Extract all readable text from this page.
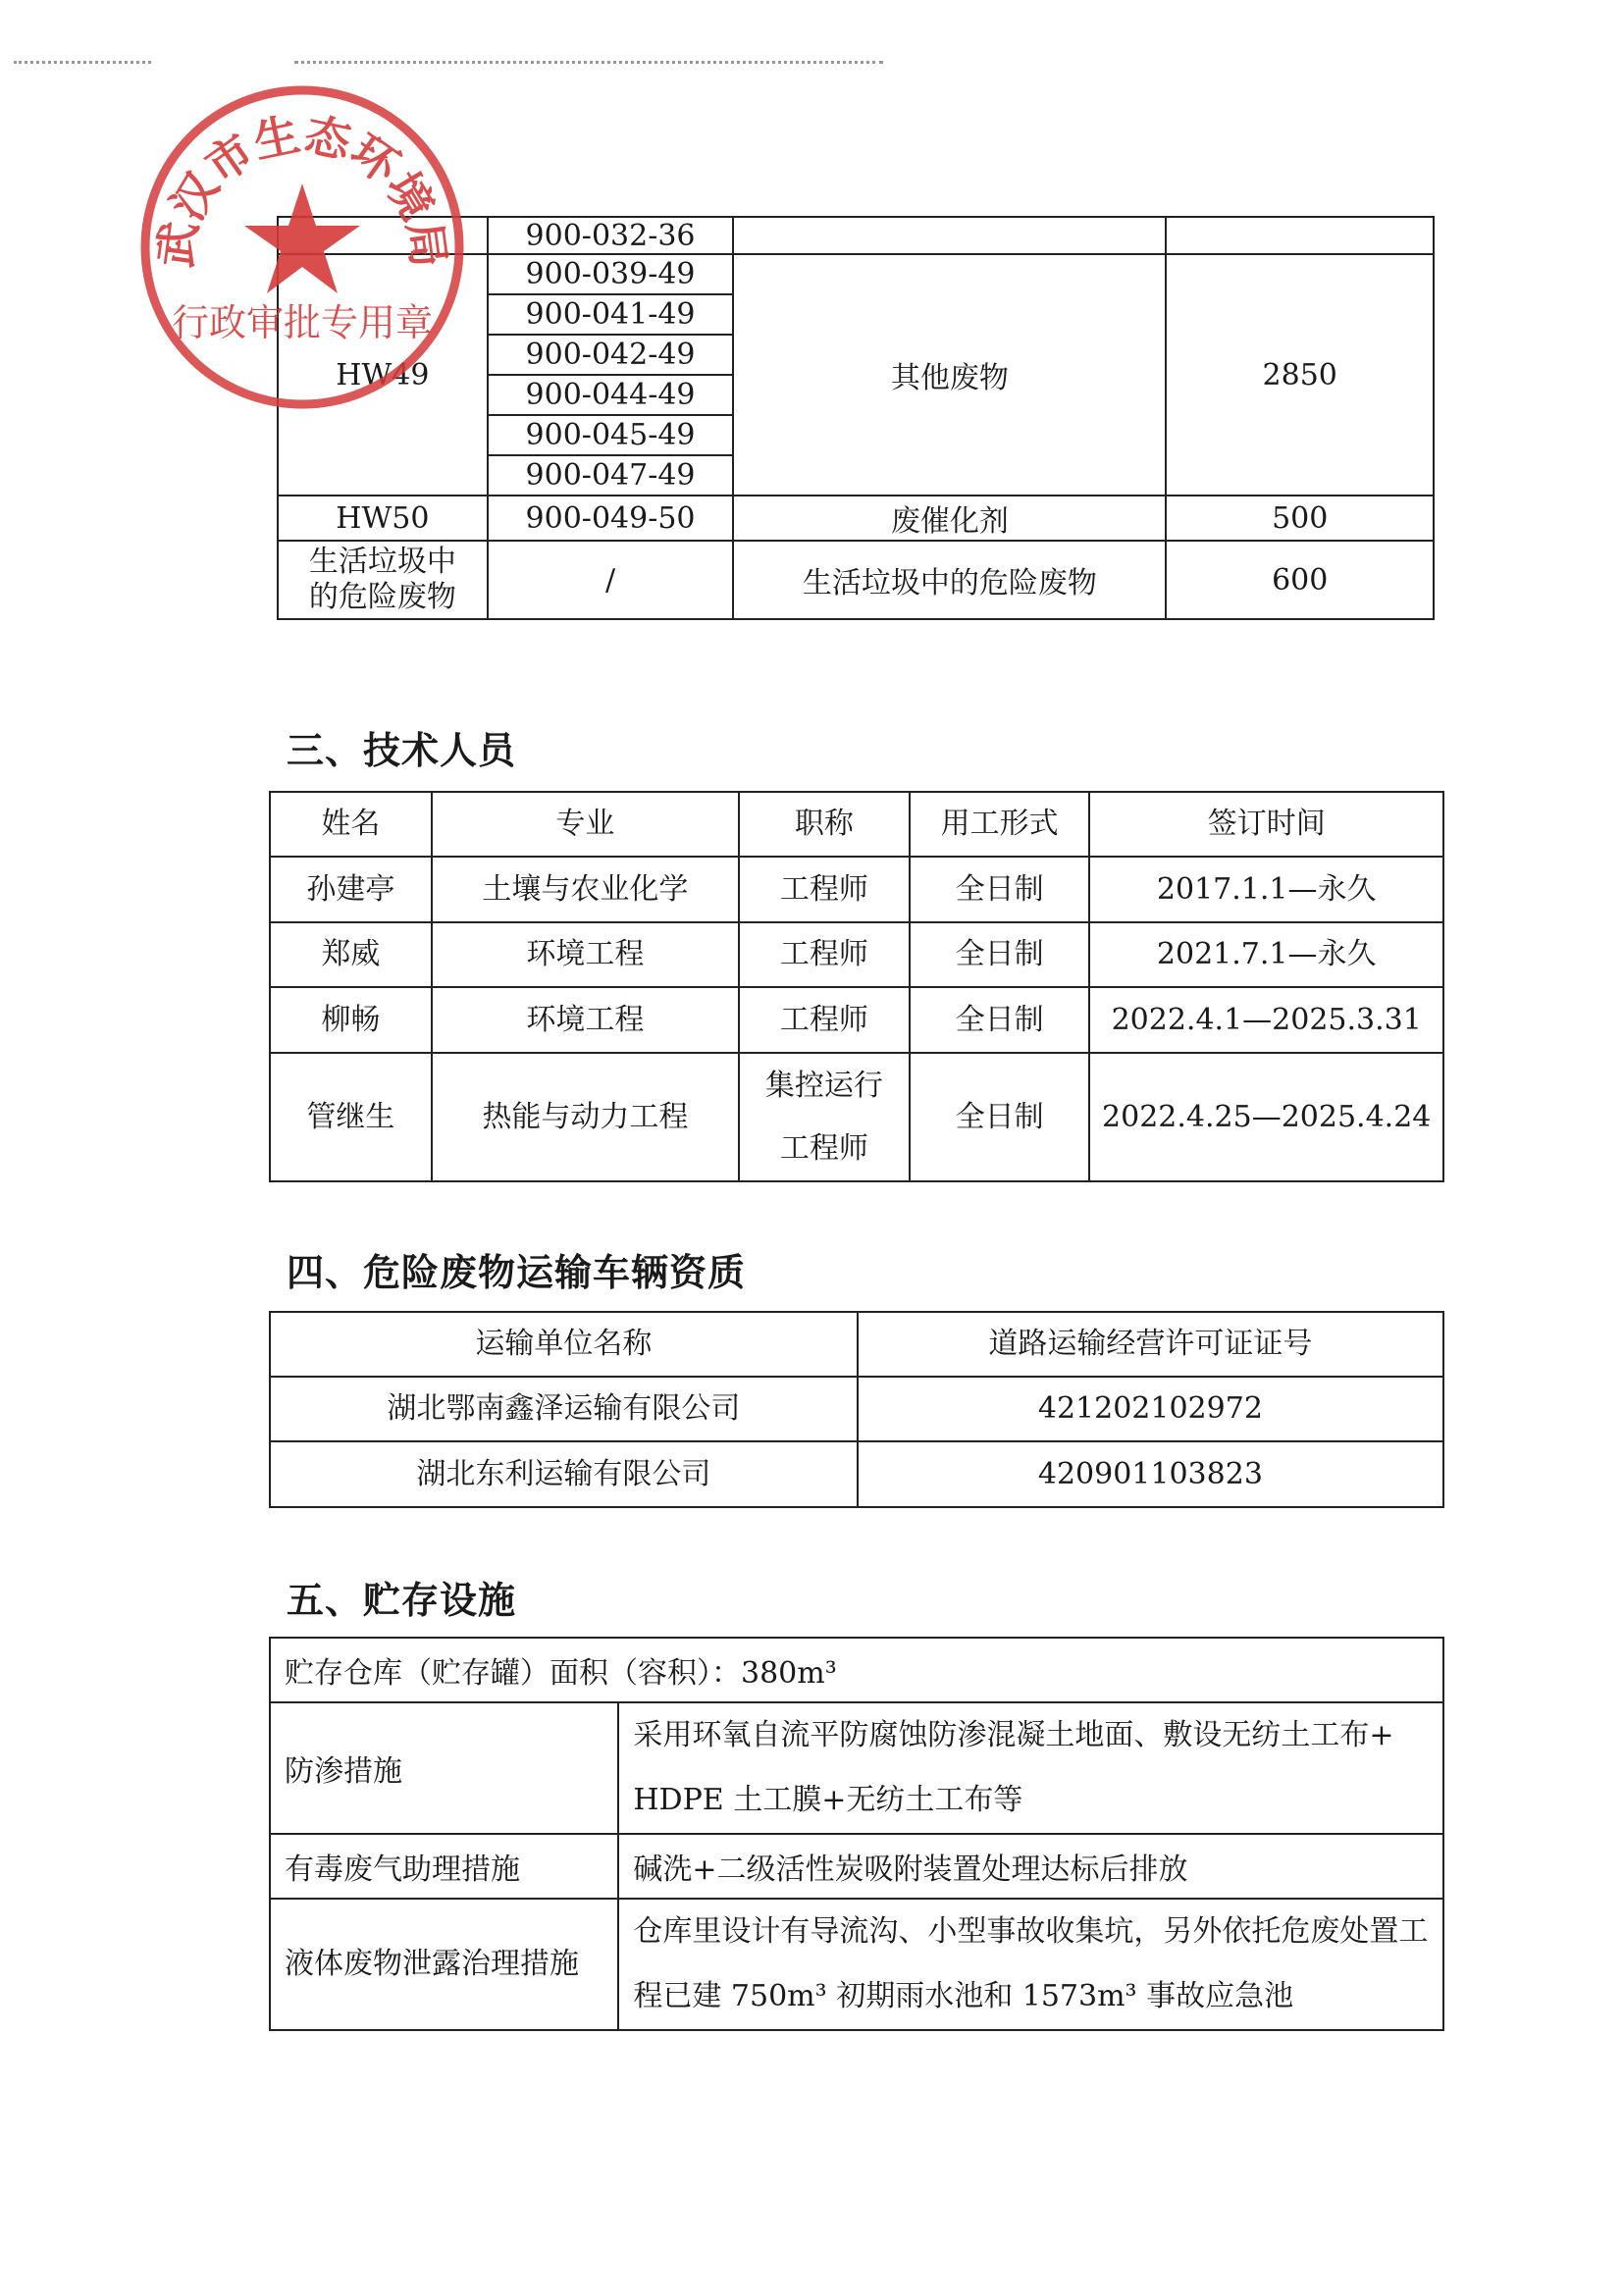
	900-032-36		
HW49	900-039-49	其他废物	2850
	900-041-49		
	900-042-49		
	900-044-49		
	900-045-49		
	900-047-49		
HW50	900-049-50	废催化剂	500
生活垃圾中的危险废物	/	生活垃圾中的危险废物	600
武汉市生态环境局
行政审批专用章
三、技术人员
姓名	专业	职称	用工形式	签订时间
孙建亭	土壤与农业化学	工程师	全日制	2017.1.1—永久
郑威	环境工程	工程师	全日制	2021.7.1—永久
柳畅	环境工程	工程师	全日制	2022.4.1—2025.3.31
管继生	热能与动力工程	集控运行工程师	全日制	2022.4.25—2025.4.24
四、危险废物运输车辆资质
运输单位名称	道路运输经营许可证证号
湖北鄂南鑫泽运输有限公司	421202102972
湖北东利运输有限公司	420901103823
五、贮存设施
贮存仓库（贮存罐）面积（容积）：380m³	
防渗措施	采用环氧自流平防腐蚀防渗混凝土地面、敷设无纺土工布+ HDPE 土工膜+无纺土工布等
有毒废气助理措施	碱洗+二级活性炭吸附装置处理达标后排放
液体废物泄露治理措施	仓库里设计有导流沟、小型事故收集坑，另外依托危废处置工程已建 750m³ 初期雨水池和 1573m³ 事故应急池
